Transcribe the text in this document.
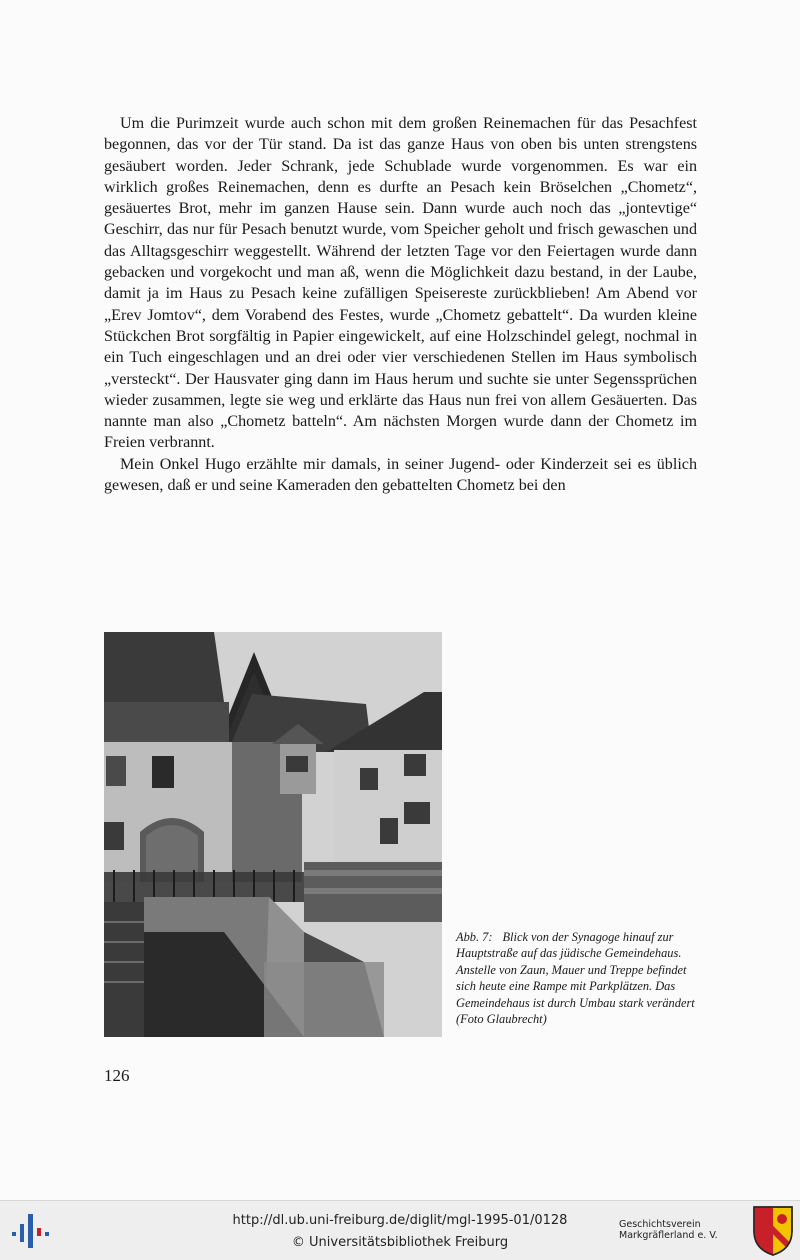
Um die Purimzeit wurde auch schon mit dem großen Reinemachen für das Pesachfest begonnen, das vor der Tür stand. Da ist das ganze Haus von oben bis unten strengstens gesäubert worden. Jeder Schrank, jede Schublade wurde vorgenommen. Es war ein wirklich großes Reinemachen, denn es durfte an Pesach kein Bröselchen „Chometz“, gesäuertes Brot, mehr im ganzen Hause sein. Dann wurde auch noch das „jontevtige“ Geschirr, das nur für Pesach benutzt wurde, vom Speicher geholt und frisch gewaschen und das Alltagsgeschirr weggestellt. Während der letzten Tage vor den Feiertagen wurde dann gebacken und vorgekocht und man aß, wenn die Möglichkeit dazu bestand, in der Laube, damit ja im Haus zu Pesach keine zufälligen Speisereste zurückblieben! Am Abend vor „Erev Jomtov“, dem Vorabend des Festes, wurde „Chometz gebattelt“. Da wurden kleine Stückchen Brot sorgfältig in Papier eingewickelt, auf eine Holzschindel gelegt, nochmal in ein Tuch eingeschlagen und an drei oder vier verschiedenen Stellen im Haus symbolisch „versteckt“. Der Hausvater ging dann im Haus herum und suchte sie unter Segenssprüchen wieder zusammen, legte sie weg und erklärte das Haus nun frei von allem Gesäuerten. Das nannte man also „Chometz batteln“. Am nächsten Morgen wurde dann der Chometz im Freien verbrannt.

Mein Onkel Hugo erzählte mir damals, in seiner Jugend- oder Kinderzeit sei es üblich gewesen, daß er und seine Kameraden den gebattelten Chometz bei den

Abb. 7: Blick von der Synagoge hinauf zur Hauptstraße auf das jüdische Gemeindehaus. Anstelle von Zaun, Mauer und Treppe befindet sich heute eine Rampe mit Parkplätzen. Das Gemeindehaus ist durch Umbau stark verändert (Foto Glaubrecht)
126
http://dl.ub.uni-freiburg.de/diglit/mgl-1995-01/0128
© Universitätsbibliothek Freiburg
Geschichtsverein
Markgräflerland e. V.
